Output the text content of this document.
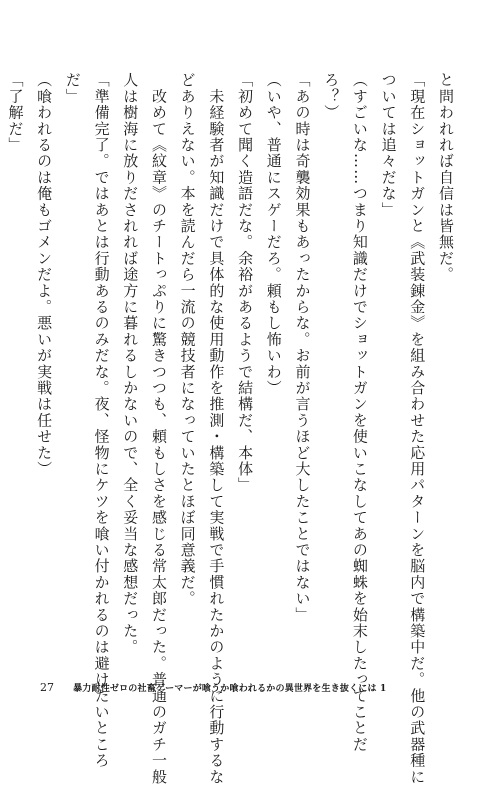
と問われれば自信は皆無だ。
「現在ショットガンと《武装錬金》を組み合わせた応用パターンを脳内で構築中だ。他の武器種に
ついては追々だな」
（すごいな……つまり知識だけでショットガンを使いこなしてあの蜘蛛を始末したってことだ
ろ？）
「あの時は奇襲効果もあったからな。お前が言うほど大したことではない」
（いや、普通にスゲーだろ。頼もし怖いわ）
「初めて聞く造語だな。余裕があるようで結構だ、本体」
　未経験者が知識だけで具体的な使用動作を推測・構築して実戦で手慣れたかのように行動するな
どありえない。本を読んだら一流の競技者になっていたとほぼ同意義だ。
　改めて《紋章》のチートっぷりに驚きつつも、頼もしさを感じる常太郎だった。普通のガチ一般
人は樹海に放りだされれば途方に暮れるしかないので、全く妥当な感想だった。
「準備完了。ではあとは行動あるのみだな。夜、怪物にケツを喰い付かれるのは避けたいところ
だ」
（喰われるのは俺もゴメンだよ。悪いが実戦は任せた）
「了解だ」
27 暴力耐性ゼロの社畜ゲーマーが喰うか喰われるかの異世界を生き抜くには 1
